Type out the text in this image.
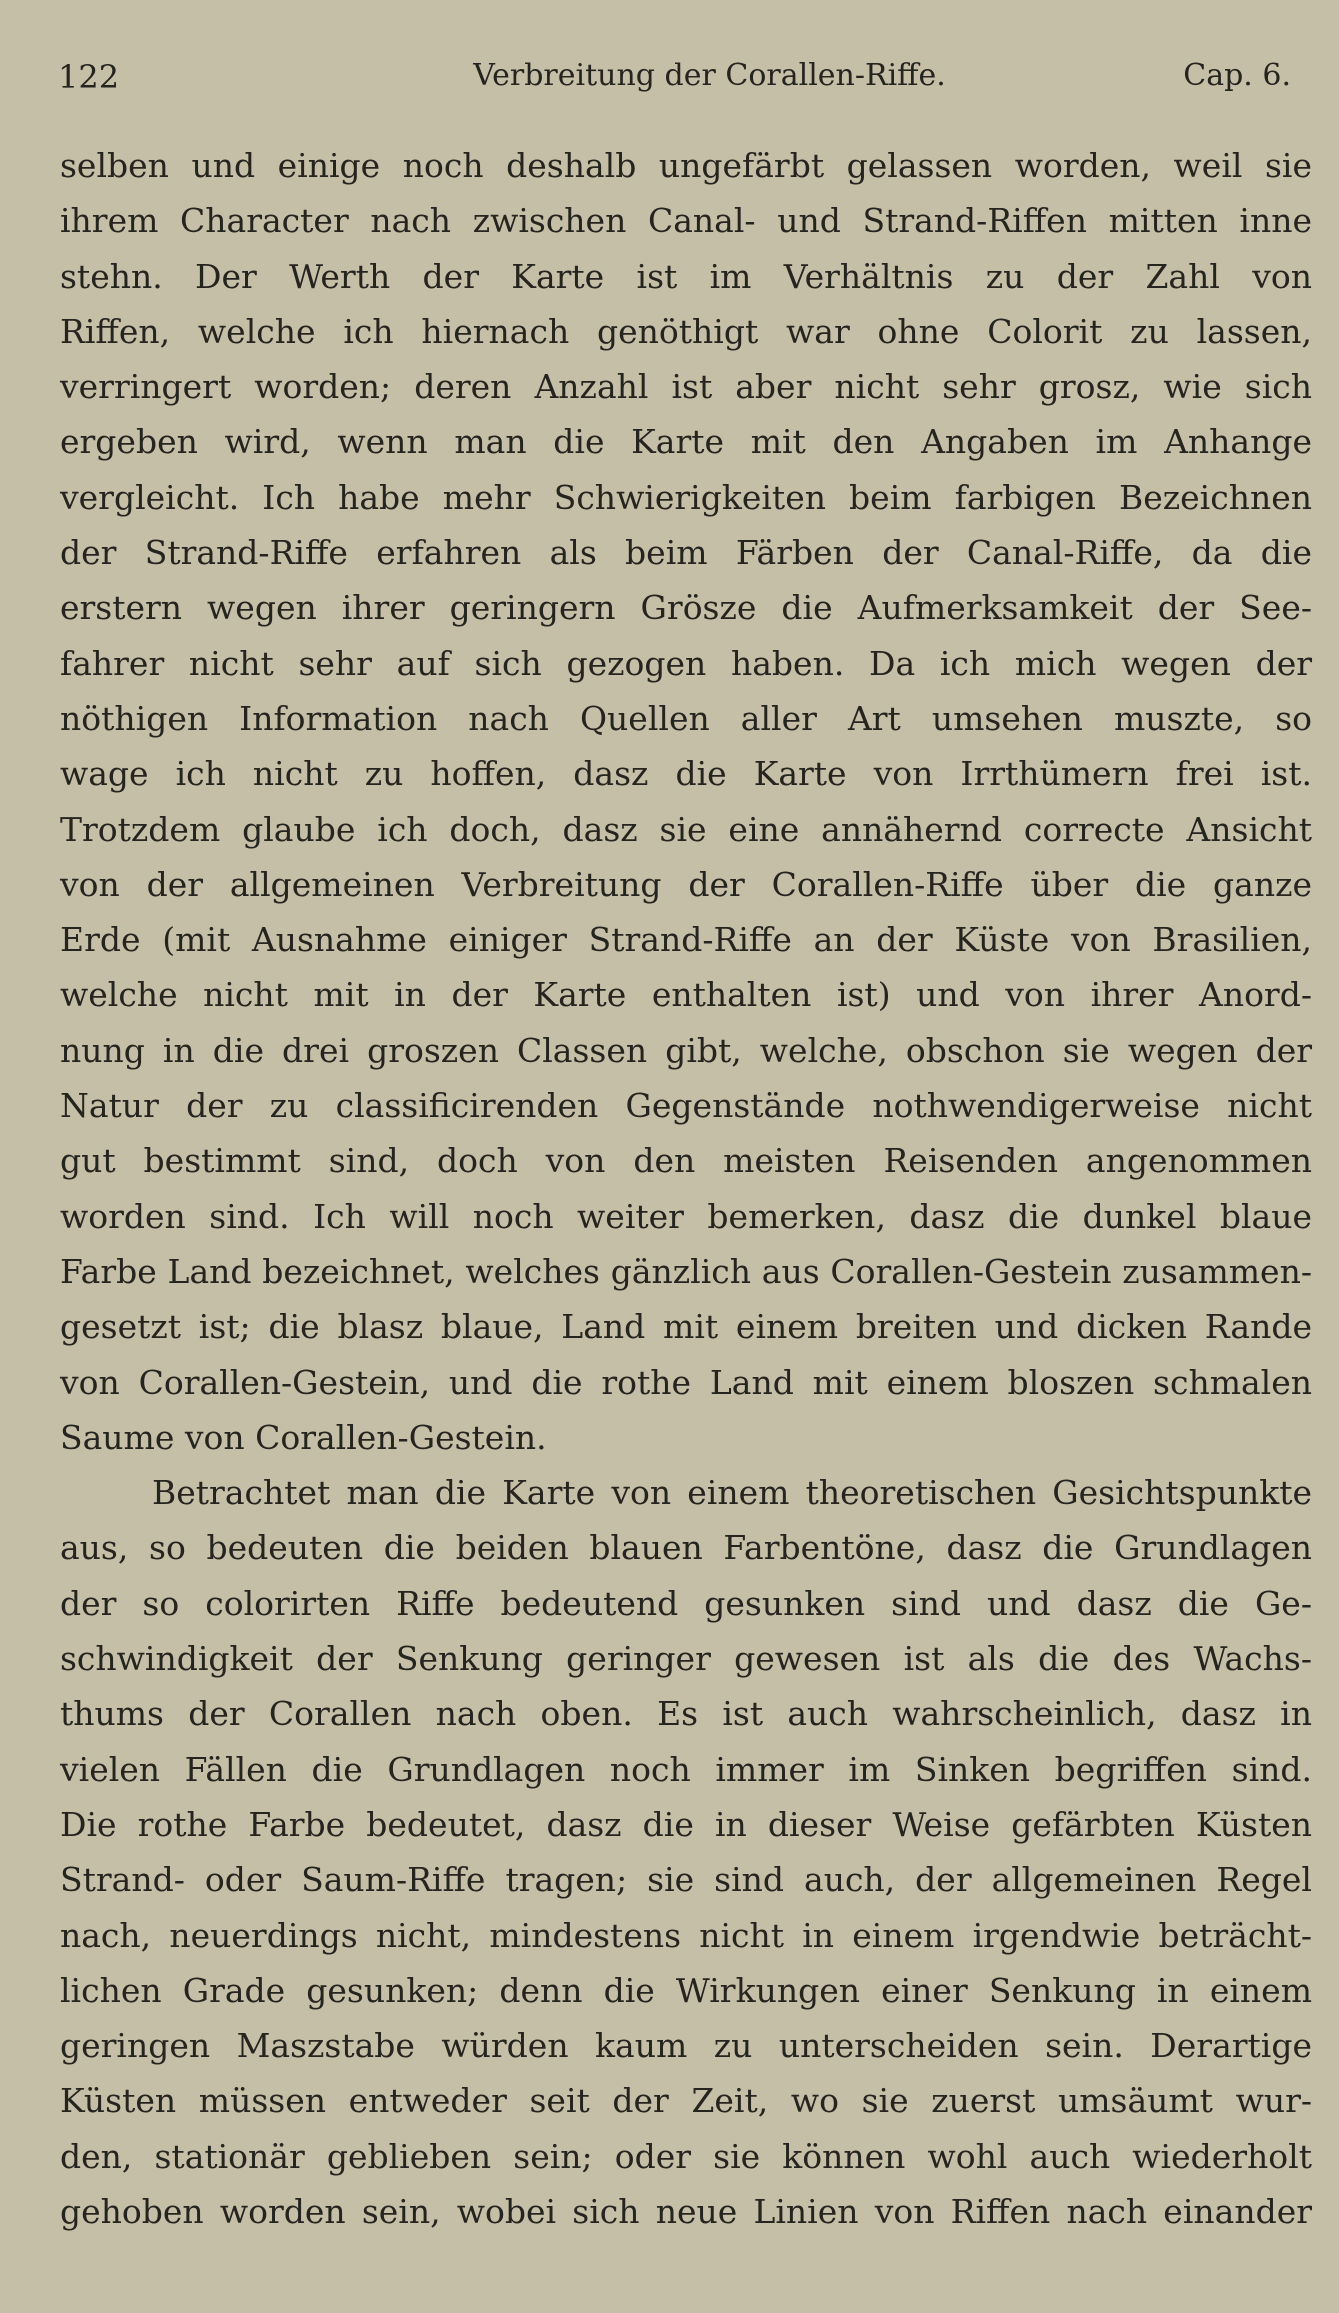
122	Verbreitung der Corallen-Riffe.	Cap. 6.
selben und einige noch deshalb ungefärbt gelassen worden, weil sie
ihrem Character nach zwischen Canal- und Strand-Riffen mitten inne
stehn. Der Werth der Karte ist im Verhältnis zu der Zahl von
Riffen, welche ich hiernach genöthigt war ohne Colorit zu lassen,
verringert worden; deren Anzahl ist aber nicht sehr grosz, wie sich
ergeben wird, wenn man die Karte mit den Angaben im Anhange
vergleicht. Ich habe mehr Schwierigkeiten beim farbigen Bezeichnen
der Strand-Riffe erfahren als beim Färben der Canal-Riffe, da die
erstern wegen ihrer geringern Grösze die Aufmerksamkeit der See-
fahrer nicht sehr auf sich gezogen haben. Da ich mich wegen der
nöthigen Information nach Quellen aller Art umsehen muszte, so
wage ich nicht zu hoffen, dasz die Karte von Irrthümern frei ist.
Trotzdem glaube ich doch, dasz sie eine annähernd correcte Ansicht
von der allgemeinen Verbreitung der Corallen-Riffe über die ganze
Erde (mit Ausnahme einiger Strand-Riffe an der Küste von Brasilien,
welche nicht mit in der Karte enthalten ist) und von ihrer Anord-
nung in die drei groszen Classen gibt, welche, obschon sie wegen der
Natur der zu classificirenden Gegenstände nothwendigerweise nicht
gut bestimmt sind, doch von den meisten Reisenden angenommen
worden sind. Ich will noch weiter bemerken, dasz die dunkel blaue
Farbe Land bezeichnet, welches gänzlich aus Corallen-Gestein zusammen-
gesetzt ist; die blasz blaue, Land mit einem breiten und dicken Rande
von Corallen-Gestein, und die rothe Land mit einem bloszen schmalen
Saume von Corallen-Gestein.
Betrachtet man die Karte von einem theoretischen Gesichtspunkte
aus, so bedeuten die beiden blauen Farbentöne, dasz die Grundlagen
der so colorirten Riffe bedeutend gesunken sind und dasz die Ge-
schwindigkeit der Senkung geringer gewesen ist als die des Wachs-
thums der Corallen nach oben. Es ist auch wahrscheinlich, dasz in
vielen Fällen die Grundlagen noch immer im Sinken begriffen sind.
Die rothe Farbe bedeutet, dasz die in dieser Weise gefärbten Küsten
Strand- oder Saum-Riffe tragen; sie sind auch, der allgemeinen Regel
nach, neuerdings nicht, mindestens nicht in einem irgendwie beträcht-
lichen Grade gesunken; denn die Wirkungen einer Senkung in einem
geringen Maszstabe würden kaum zu unterscheiden sein. Derartige
Küsten müssen entweder seit der Zeit, wo sie zuerst umsäumt wur-
den, stationär geblieben sein; oder sie können wohl auch wiederholt
gehoben worden sein, wobei sich neue Linien von Riffen nach einander
